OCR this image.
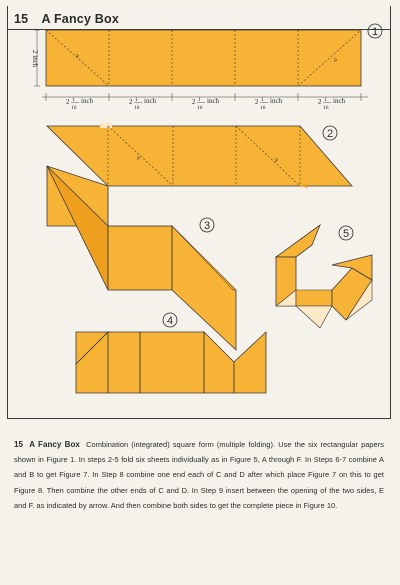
15 A Fancy Box
P
P
2 inch
2 1
16
inch	2 1
16
inch	2 1
16
inch	2 1
16
inch	2 1
16
inch
1
P	P
2
3
4
5
15 A Fancy Box Combination (integrated) square form (multiple folding). Use the six rectangular papers shown in Figure 1. In steps 2-5 fold six sheets individually as in Figure 5, A through F. In Steps 6-7 combine A and B to get Figure 7. In Step 8 combine one end each of C and D after which place Figure 7 on this to get Figure 8. Then combine the other ends of C and D. In Step 9 insert between the opening of the two sides, E and F. as indicated by arrow. And then combine both sides to get the complete piece in Figure 10.
